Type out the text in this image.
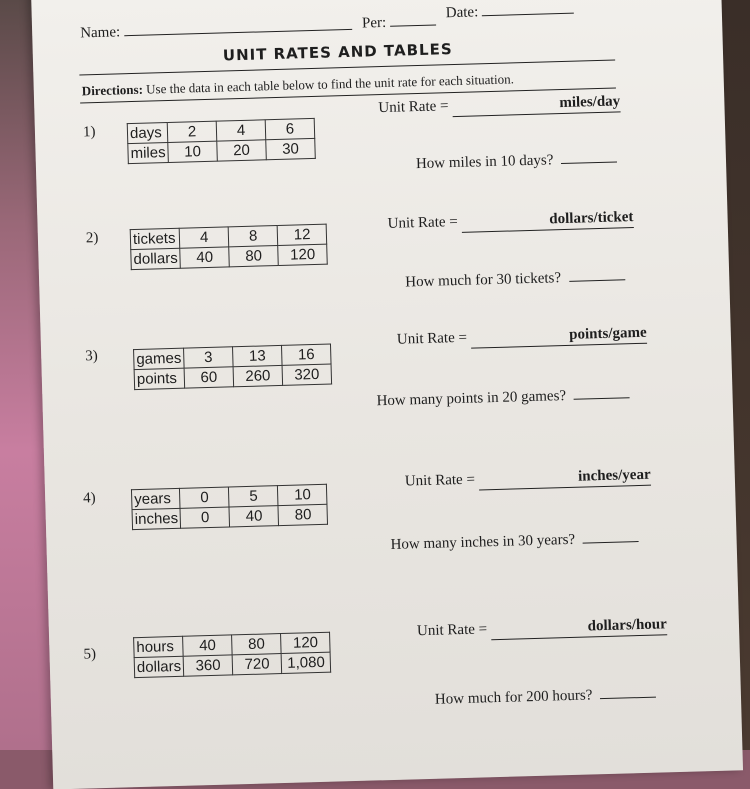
Name:
Per:
Date:
UNIT RATES AND TABLES
Directions: Use the data in each table below to find the unit rate for each situation.
1) days	2	4	6
miles	10	20	30
Unit Rate =	miles/day
How miles in 10 days?
2) tickets	4	8	12
dollars	40	80	120
Unit Rate =	dollars/ticket
How much for 30 tickets?
3)	games	3	13	16
points	60	260	320
Unit Rate =	points/game
How many points in 20 games?
4)	years	0	5	10
inches	0	40	80
Unit Rate =	inches/year
How many inches in 30 years?
5)	hours	40	80	120
dollars	360	720	1,080
Unit Rate =	dollars/hour
How much for 200 hours?
